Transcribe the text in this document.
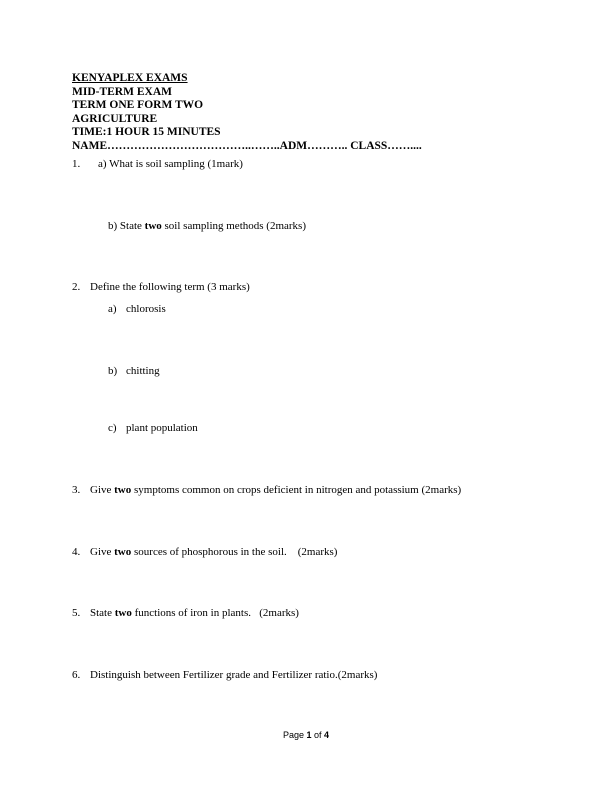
KENYAPLEX EXAMS
MID-TERM EXAM
TERM ONE FORM TWO
AGRICULTURE
TIME:1 HOUR 15 MINUTES
NAME………………………………..……..ADM……….. CLASS……....
1. a) What is soil sampling (1mark)
b) State two soil sampling methods (2marks)
2. Define the following term (3 marks)
a) chlorosis
b) chitting
c) plant population
3. Give two symptoms common on crops deficient in nitrogen and potassium (2marks)
4. Give two sources of phosphorous in the soil.    (2marks)
5. State two functions of iron in plants.   (2marks)
6. Distinguish between Fertilizer grade and Fertilizer ratio.(2marks)
Page 1 of 4
